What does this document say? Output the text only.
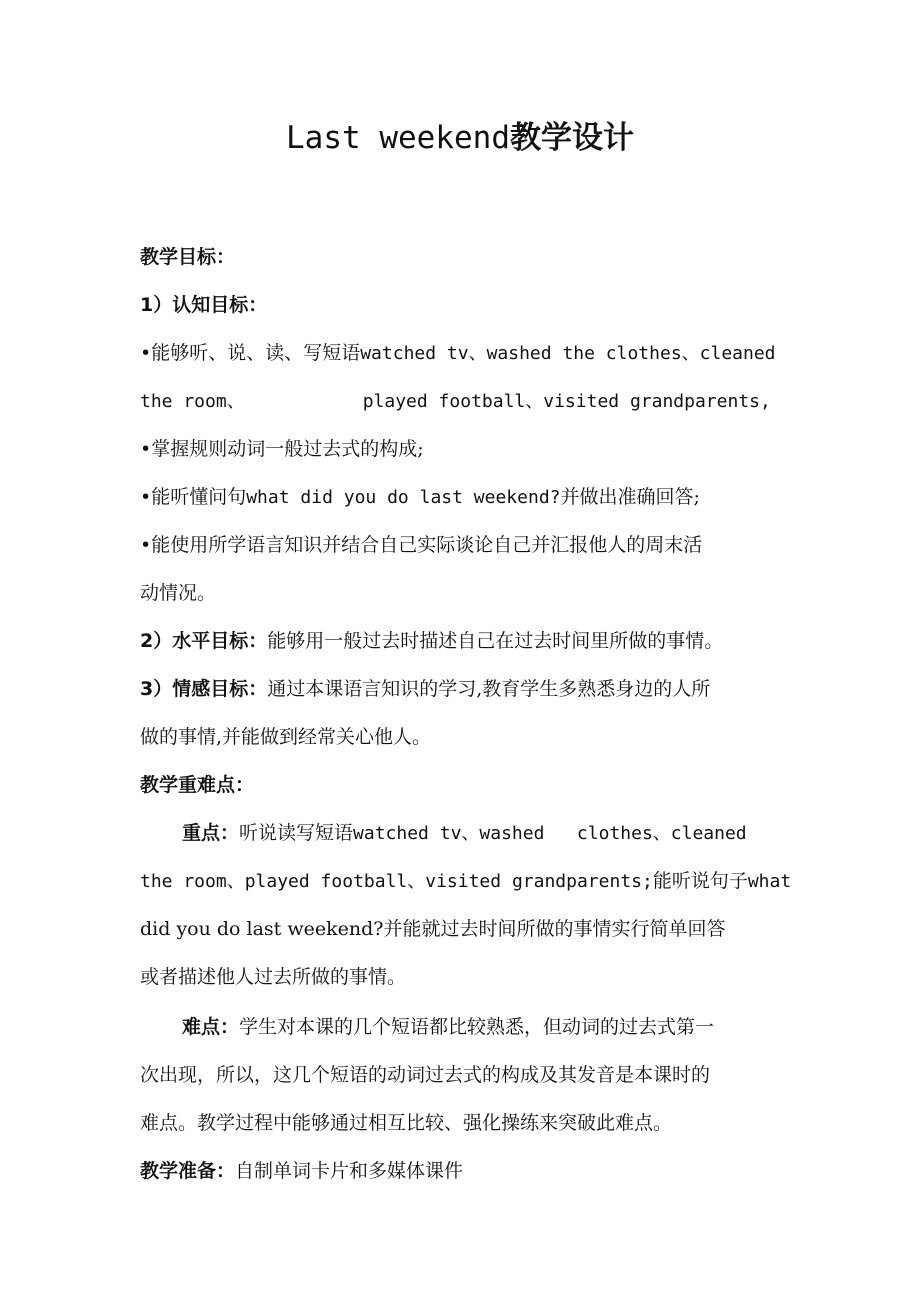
Last weekend教学设计
教学目标：
1）认知目标：
•能够听、说、读、写短语watched tv、washed the clothes、cleaned
the room、	played football、visited grandparents,
•掌握规则动词一般过去式的构成;
•能听懂问句what did you do last weekend?并做出准确回答;
•能使用所学语言知识并结合自己实际谈论自己并汇报他人的周末活
动情况。
2）水平目标：能够用一般过去时描述自己在过去时间里所做的事情。
3）情感目标：通过本课语言知识的学习,教育学生多熟悉身边的人所
做的事情,并能做到经常关心他人。
教学重难点：
重点：听说读写短语watched tv、washed   clothes、cleaned
the room、played football、visited grandparents;能听说句子what
did you do last weekend?并能就过去时间所做的事情实行简单回答
或者描述他人过去所做的事情。
难点：学生对本课的几个短语都比较熟悉，但动词的过去式第一
次出现，所以，这几个短语的动词过去式的构成及其发音是本课时的
难点。教学过程中能够通过相互比较、强化操练来突破此难点。
教学准备：自制单词卡片和多媒体课件
